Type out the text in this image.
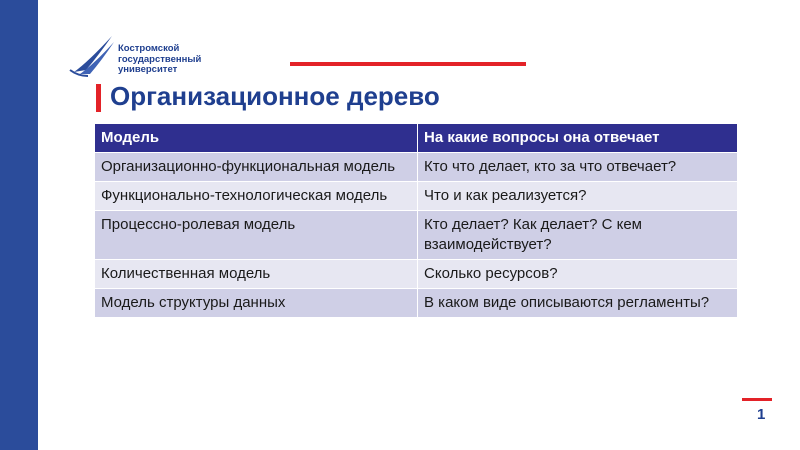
Костромской
государственный
университет
Организационное дерево
Модель	На какие вопросы она отвечает
Организационно-функциональная модель	Кто что делает, кто за что отвечает?
Функционально-технологическая модель	Что и как реализуется?
Процессно-ролевая модель	Кто делает? Как делает? С кем взаимодействует?
Количественная модель	Сколько ресурсов?
Модель структуры данных	В каком виде описываются регламенты?
1
